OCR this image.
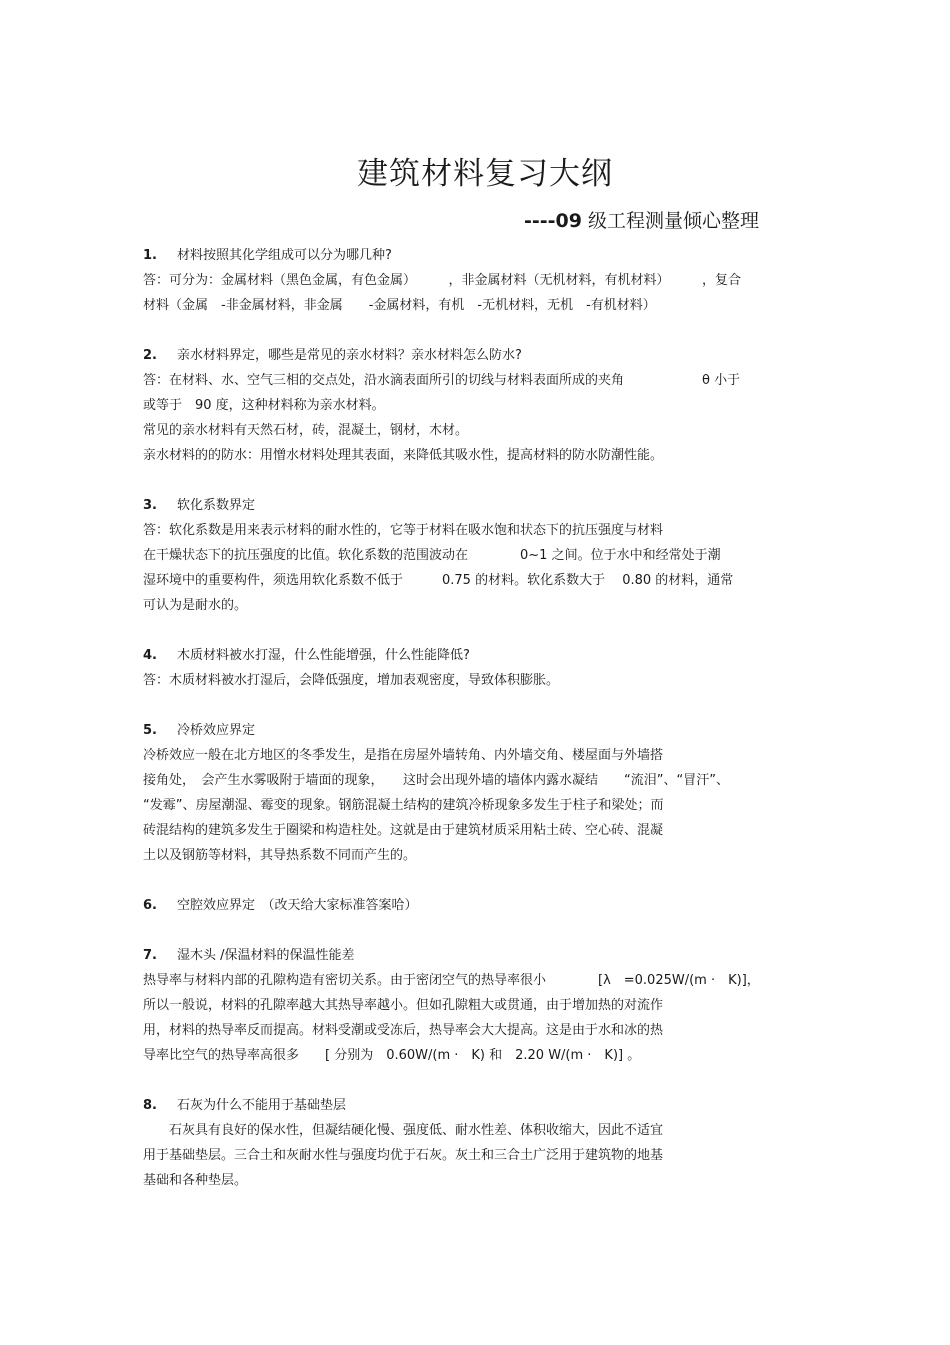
建筑材料复习大纲
----09 级工程测量倾心整理
1. 材料按照其化学组成可以分为哪几种?
答：可分为：金属材料（黑色金属，有色金属）　　　，非金属材料（无机材料，有机材料）　　　，复合
材料（金属　-非金属材料，非金属　　-金属材料，有机　-无机材料，无机　-有机材料）
2. 亲水材料界定，哪些是常见的亲水材料？亲水材料怎么防水?
答：在材料、水、空气三相的交点处，沿水滴表面所引的切线与材料表面所成的夹角　　　　　　θ 小于
或等于　90 度，这种材料称为亲水材料。
常见的亲水材料有天然石材，砖，混凝土，钢材，木材。
亲水材料的的防水：用憎水材料处理其表面，来降低其吸水性，提高材料的防水防潮性能。
3. 软化系数界定
答：软化系数是用来表示材料的耐水性的，它等于材料在吸水饱和状态下的抗压强度与材料
在干燥状态下的抗压强度的比值。软化系数的范围波动在　　　　0~1 之间。位于水中和经常处于潮
湿环境中的重要构件，须选用软化系数不低于　　　0.75 的材料。软化系数大于　 0.80 的材料，通常
可认为是耐水的。
4. 木质材料被水打湿，什么性能增强，什么性能降低?
答：木质材料被水打湿后，会降低强度，增加表观密度，导致体积膨胀。
5. 冷桥效应界定
冷桥效应一般在北方地区的冬季发生，是指在房屋外墙转角、内外墙交角、楼屋面与外墙搭
接角处，　会产生水雾吸附于墙面的现象，　　这时会出现外墙的墙体内露水凝结　　“流泪”、“冒汗”、
“发霉”、房屋潮湿、霉变的现象。钢筋混凝土结构的建筑冷桥现象多发生于柱子和梁处；而
砖混结构的建筑多发生于圈梁和构造柱处。这就是由于建筑材质采用粘土砖、空心砖、混凝
土以及钢筋等材料，其导热系数不同而产生的。
6. 空腔效应界定　（改天给大家标准答案哈）
7. 湿木头 /保温材料的保温性能差
热导率与材料内部的孔隙构造有密切关系。由于密闭空气的热导率很小　　　　[λ　=0.025W/(m ·　K)]，
所以一般说，材料的孔隙率越大其热导率越小。但如孔隙粗大或贯通，由于增加热的对流作
用，材料的热导率反而提高。材料受潮或受冻后，热导率会大大提高。这是由于水和冰的热
导率比空气的热导率高很多　　[ 分别为　0.60W/(m ·　K) 和　2.20 W/(m ·　K)] 。
8. 石灰为什么不能用于基础垫层
　　石灰具有良好的保水性，但凝结硬化慢、强度低、耐水性差、体积收缩大，因此不适宜
用于基础垫层。三合土和灰耐水性与强度均优于石灰。灰土和三合土广泛用于建筑物的地基
基础和各种垫层。
